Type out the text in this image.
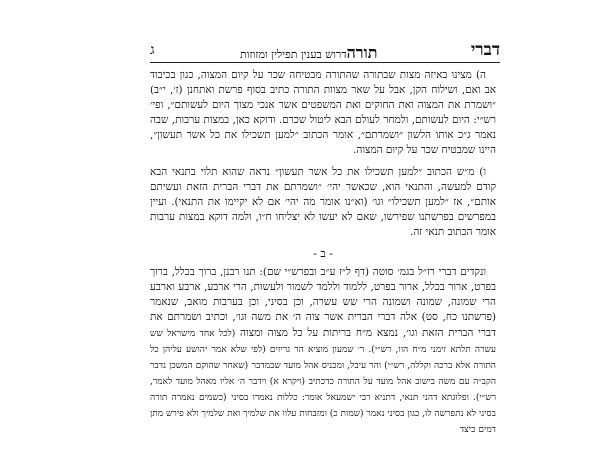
דברי
תורהדרוש בענין תפילין ומזוזות
ג

ה) מצינו באיזה מצות שבתורה שהתורה מבטיחה שכר על קיום המצוה, כגון בכיבוד אב ואם, ושילוח הקן, אבל על שאר מצוות התורה כתיב בסוף פרשת ואתחנן (ז׳, י״ב) ״ושמרת את המצוה ואת החוקים ואת המשפטים אשר אנכי מצוך היום לעשותם״, ופי׳ רש״י: היום לעשותם, ולמחר לעולם הבא ליטול שכרם. ודוקא כאן, במצות ערבות, שבה נאמר ג״כ אותו הלשון ״ושמרתם״, אומר הכתוב ״למען תשכילו את כל אשר תעשון״, היינו שמבטיח שכר על קיום המצוה.

ו) מ״ש הכתוב ״למען תשכילו את כל אשר תעשון״ נראה שהוא תלוי בתנאי הבא קודם למעשה, והתנאי הוא, שכאשר יהי׳ ״ושמרתם את דברי הברית הזאת ועשיתם אותם״, אז ״למען תשכילו״ וגו׳ (וא״נו אומר מה יהי׳ אם לא יקיימו את התנאי). ועיין במפרשים בפרשתנו שפירשו, שאם לא יעשו לא יצליחו ח״ו, ולמה דוקא במצות ערבות אומר הכתוב תנאי זה.

- ב -

ונקדים דברי רז״ל בגמ׳ סוטה (דף ל״ז ע״ב ובפרש״י שם): תנו רבנן, ברוך בכלל, ברוך בפרט, ארור בכלל, ארור בפרט, ללמוד וללמד לשמור ולעשות, הרי ארבע, ארבע וארבע הרי שמונה, שמונה ושמונה הרי שש עשרה, וכן בסיני, וכן בערבות מואב, שנאמר (פרשתנו כח, סט) אלה דברי הברית אשר צוה ה׳ את משה וגו׳, וכתיב ושמרתם את דברי הברית הזאת וגו׳, נמצא מ״ח בריתות על כל מצוה ומצוה (לכל אחד מישראל שש עשרה תלתא זימני מ״ח הוו, רש״י). ר׳ שמעון מוציא הר גריזים (לפי שלא אמר יהושע עליהן כל התורה אלא ברכה וקללה, רש״י) והר עיבל, ומכניס אהל מועד שבמדבר (שאחר שהוקם המשכן נדבר הקב״ה עם משה בישוב אהל מועד על התורה כדכתיב (ויקרא א) וידבר ה׳ אליו מאהל מועד לאמר, רש״י). ופלוגתא דהני תנאי, דתניא רבי ישמעאל אומר: כללות נאמרו בסיני (כשמים נאמרה תורה בסיני לא נתפרשה לו, כגון בסיני נאמר (שמות כ) ומזבחות עלוו את שלמיך ואת שלמיך ולא פירש מתן דמים כיצד
